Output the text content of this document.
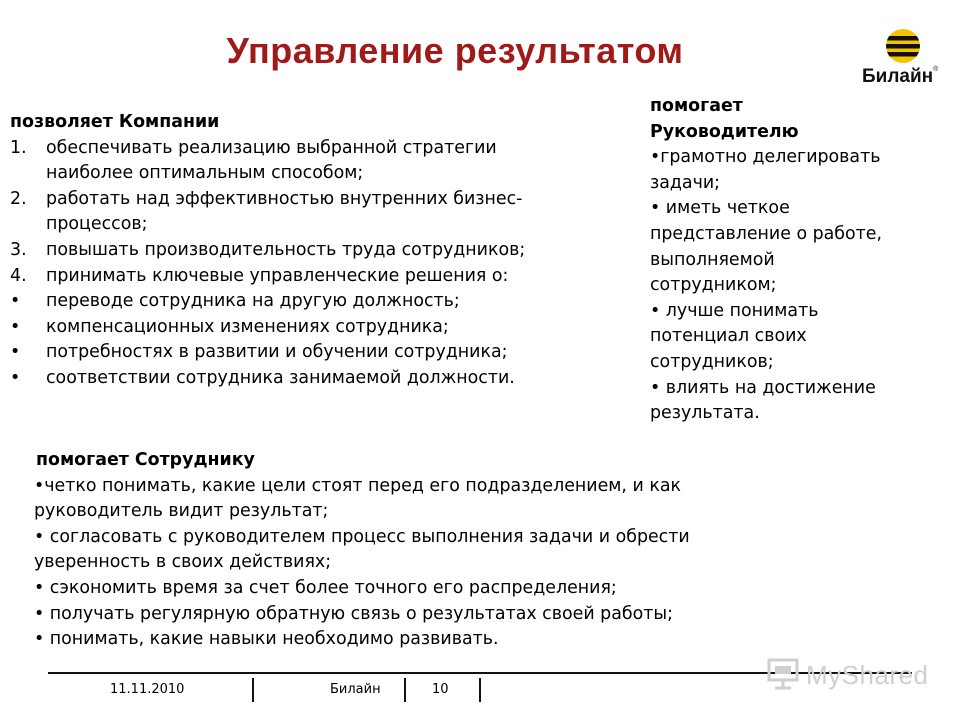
Управление результатом
Билайн®
позволяет Компании
1.	обеспечивать реализацию выбранной стратегии
наиболее оптимальным способом;
2.	работать над эффективностью внутренних бизнес-
процессов;
3.	повышать производительность труда сотрудников;
4.	принимать ключевые управленческие решения о:
•	переводе сотрудника на другую должность;
•	компенсационных изменениях сотрудника;
•	потребностях в развитии и обучении сотрудника;
•	соответствии сотрудника занимаемой должности.
помогает
Руководителю
•грамотно делегировать
задачи;
• иметь четкое
представление о работе,
выполняемой
сотрудником;
• лучше понимать
потенциал своих
сотрудников;
• влиять на достижение
результата.
помогает Сотруднику
•четко понимать, какие цели стоят перед его подразделением, и как
руководитель видит результат;
• согласовать с руководителем процесс выполнения задачи и обрести
уверенность в своих действиях;
• сэкономить время за счет более точного его распределения;
• получать регулярную обратную связь о результатах своей работы;
• понимать, какие навыки необходимо развивать.
11.11.2010	Билайн	10	MyShared
